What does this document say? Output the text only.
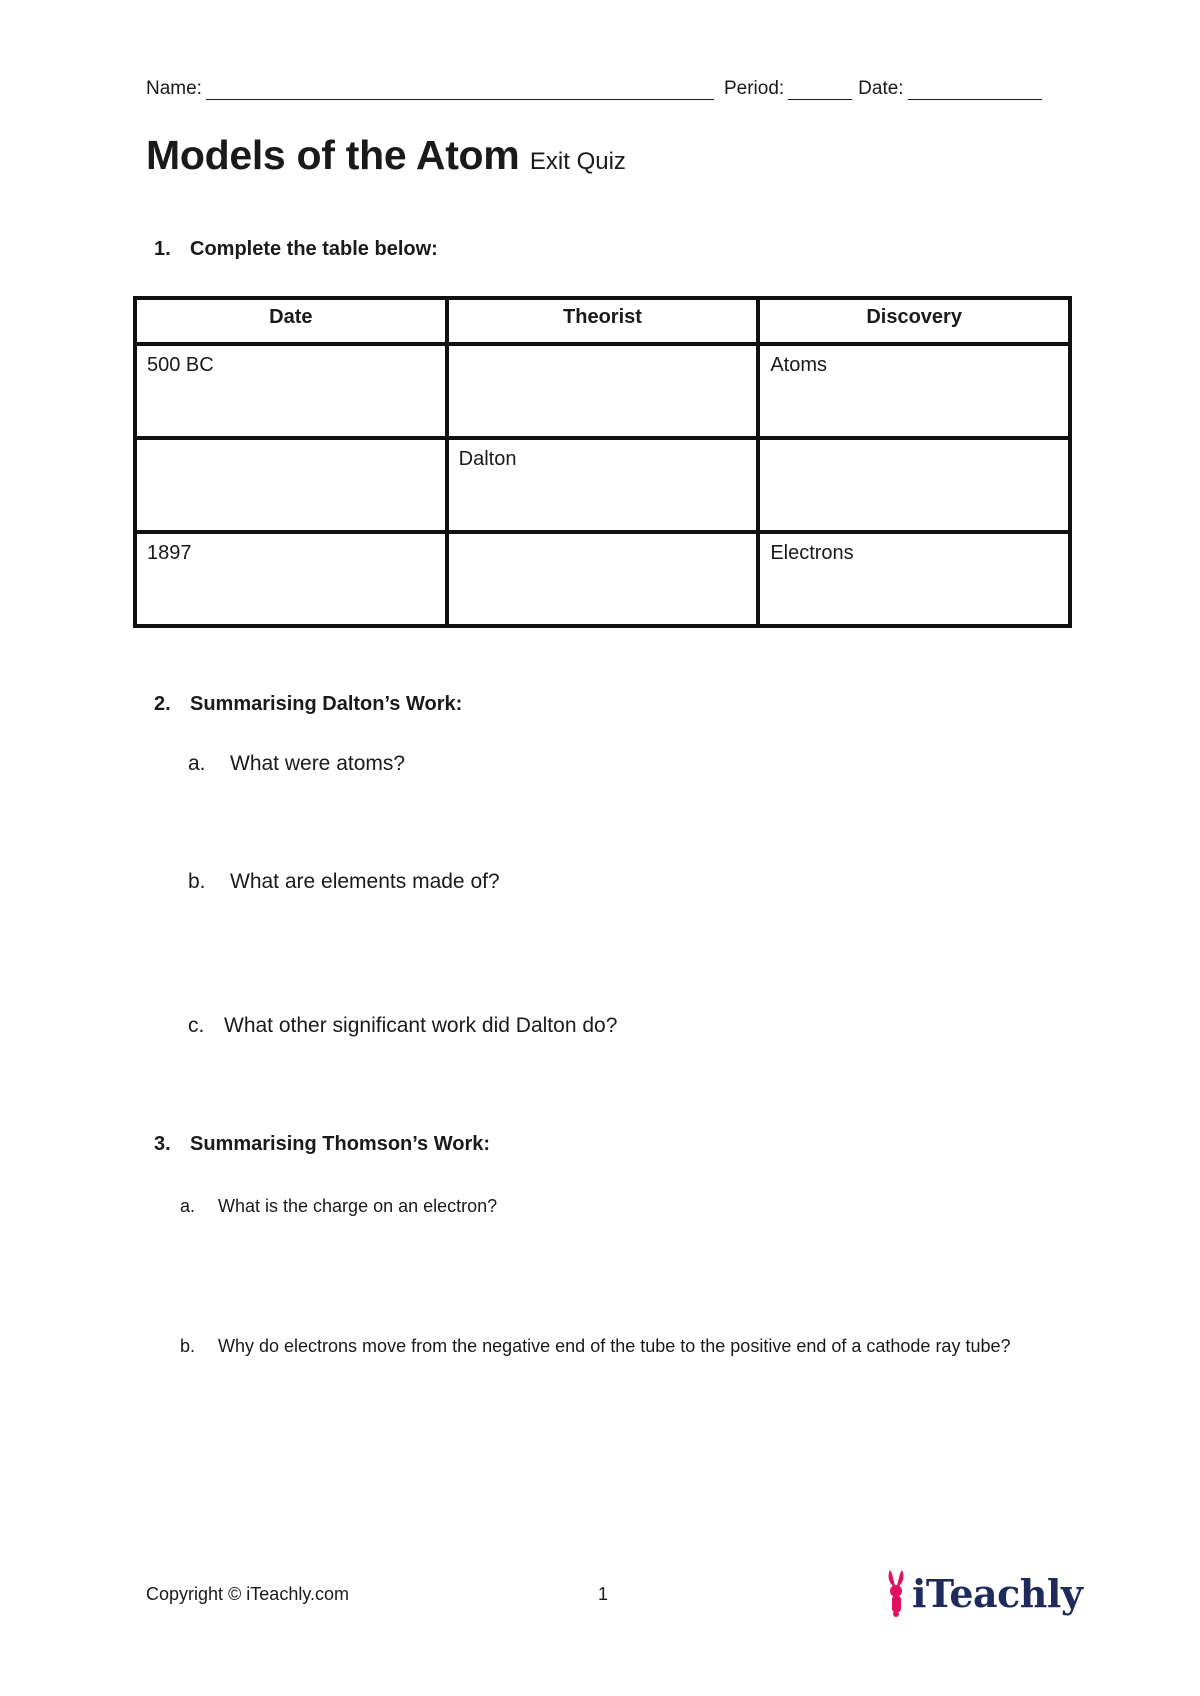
Name:	Period:	Date:
Models of the Atom Exit Quiz
1. Complete the table below:
Date	Theorist	Discovery
500 BC		Atoms
	Dalton	
1897		Electrons
2. Summarising Dalton’s Work:
a. What were atoms?
b. What are elements made of?
c. What other significant work did Dalton do?
3. Summarising Thomson’s Work:
a. What is the charge on an electron?
b.	Why do electrons move from the negative end of the tube to the positive end of a cathode ray tube?
Copyright © iTeachly.com	1	iTeachly
